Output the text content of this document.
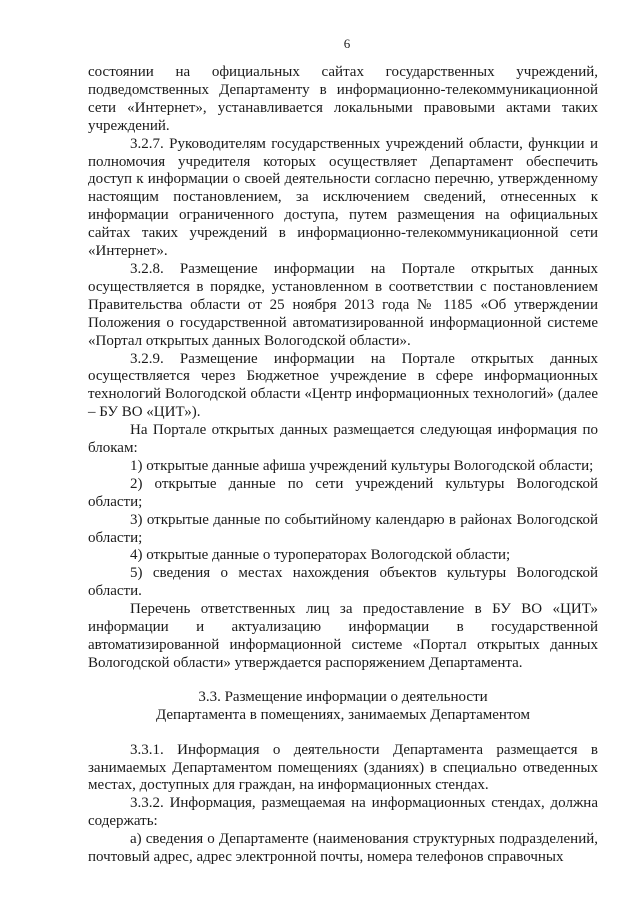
6

состоянии на официальных сайтах государственных учреждений, подведомственных Департаменту в информационно-телекоммуникационной сети «Интернет», устанавливается локальными правовыми актами таких учреждений.

3.2.7. Руководителям государственных учреждений области, функции и полномочия учредителя которых осуществляет Департамент обеспечить доступ к информации о своей деятельности согласно перечню, утвержденному настоящим постановлением, за исключением сведений, отнесенных к информации ограниченного доступа, путем размещения на официальных сайтах таких учреждений в информационно-телекоммуникационной сети «Интернет».

3.2.8. Размещение информации на Портале открытых данных осуществляется в порядке, установленном в соответствии с постановлением Правительства области от 25 ноября 2013 года № 1185 «Об утверждении Положения о государственной автоматизированной информационной системе «Портал открытых данных Вологодской области».

3.2.9. Размещение информации на Портале открытых данных осуществляется через Бюджетное учреждение в сфере информационных технологий Вологодской области «Центр информационных технологий» (далее – БУ ВО «ЦИТ»).

На Портале открытых данных размещается следующая информация по блокам:

1) открытые данные афиша учреждений культуры Вологодской области;

2) открытые данные по сети учреждений культуры Вологодской области;

3) открытые данные по событийному календарю в районах Вологодской области;

4) открытые данные о туроператорах Вологодской области;

5) сведения о местах нахождения объектов культуры Вологодской области.

Перечень ответственных лиц за предоставление в БУ ВО «ЦИТ» информации и актуализацию информации в государственной автоматизированной информационной системе «Портал открытых данных Вологодской области» утверждается распоряжением Департамента.

3.3. Размещение информации о деятельности
Департамента в помещениях, занимаемых Департаментом

3.3.1. Информация о деятельности Департамента размещается в занимаемых Департаментом помещениях (зданиях) в специально отведенных местах, доступных для граждан, на информационных стендах.

3.3.2. Информация, размещаемая на информационных стендах, должна содержать:

а) сведения о Департаменте (наименования структурных подразделений, почтовый адрес, адрес электронной почты, номера телефонов справочных
